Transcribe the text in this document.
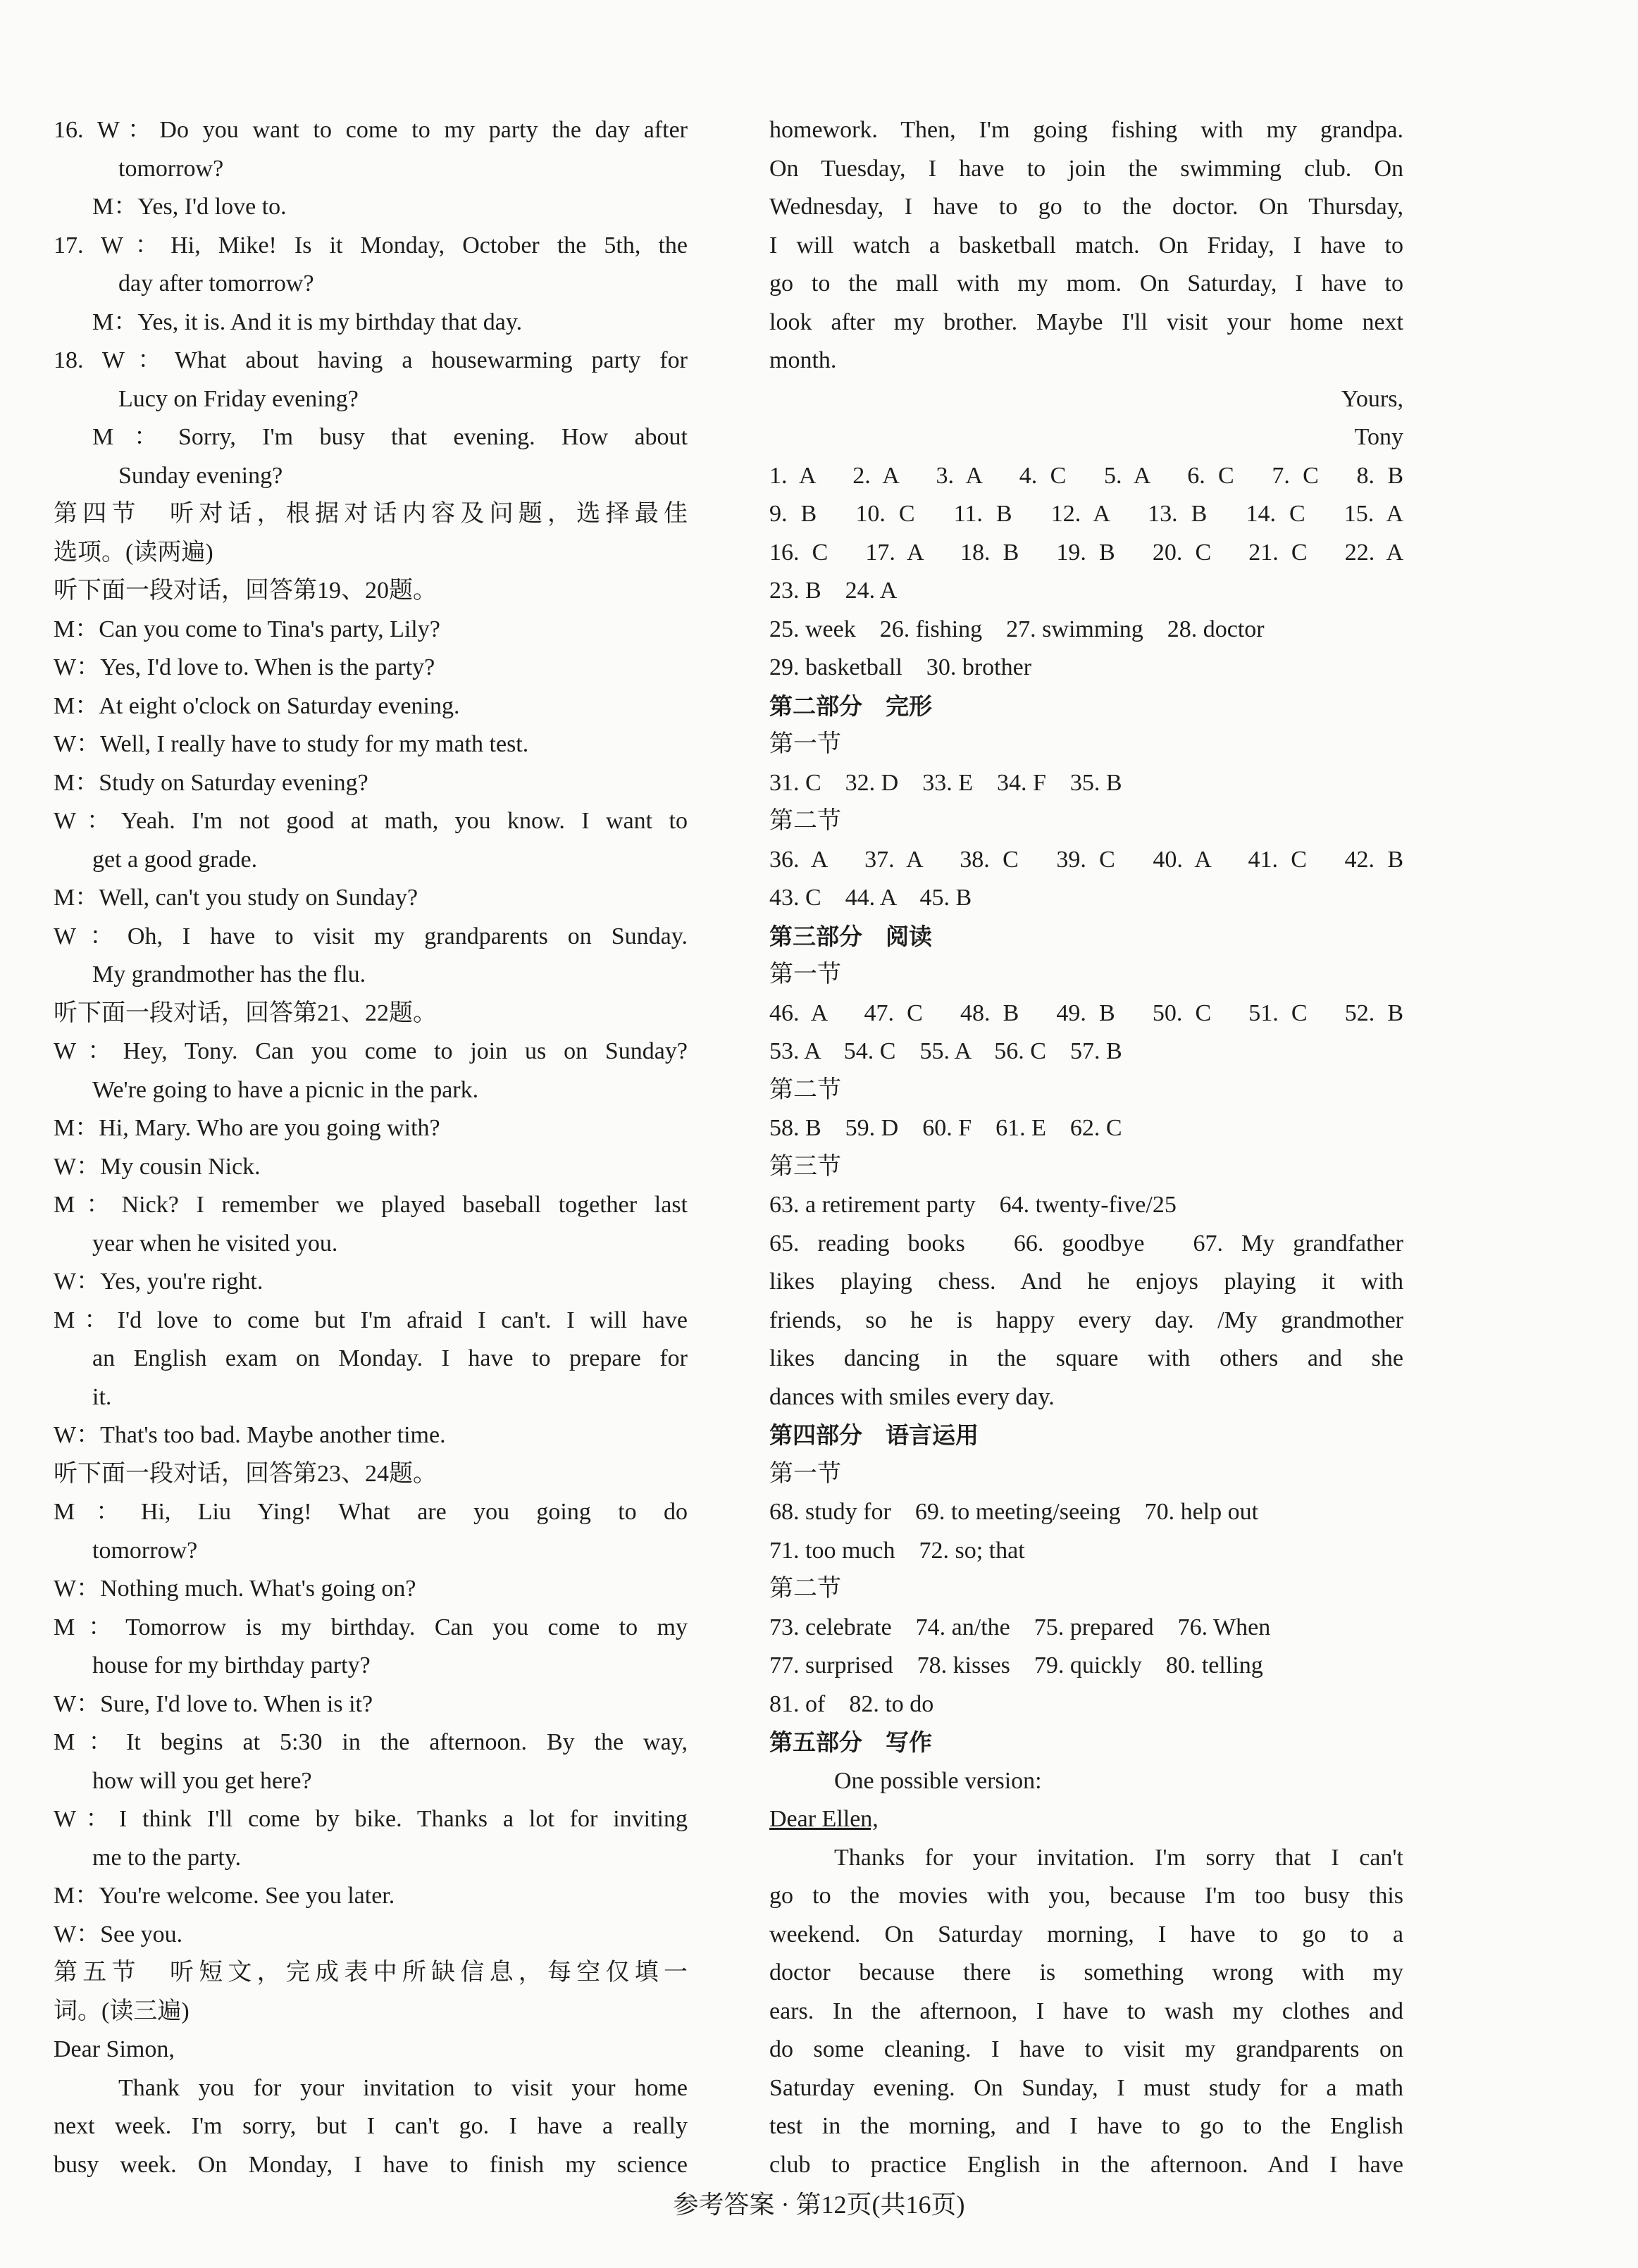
16. W：Do you want to come to my party the day after
tomorrow?
M：Yes, I'd love to.
17. W：Hi, Mike! Is it Monday, October the 5th, the
day after tomorrow?
M：Yes, it is. And it is my birthday that day.
18. W：What about having a housewarming party for
Lucy on Friday evening?
M：Sorry, I'm busy that evening. How about
Sunday evening?
第四节　听对话，根据对话内容及问题，选择最佳
选项。(读两遍)
听下面一段对话，回答第19、20题。
M：Can you come to Tina's party, Lily?
W：Yes, I'd love to. When is the party?
M：At eight o'clock on Saturday evening.
W：Well, I really have to study for my math test.
M：Study on Saturday evening?
W：Yeah. I'm not good at math, you know. I want to
get a good grade.
M：Well, can't you study on Sunday?
W：Oh, I have to visit my grandparents on Sunday.
My grandmother has the flu.
听下面一段对话，回答第21、22题。
W：Hey, Tony. Can you come to join us on Sunday?
We're going to have a picnic in the park.
M：Hi, Mary. Who are you going with?
W：My cousin Nick.
M：Nick? I remember we played baseball together last
year when he visited you.
W：Yes, you're right.
M：I'd love to come but I'm afraid I can't. I will have
an English exam on Monday. I have to prepare for
it.
W：That's too bad. Maybe another time.
听下面一段对话，回答第23、24题。
M：Hi, Liu Ying! What are you going to do
tomorrow?
W：Nothing much. What's going on?
M：Tomorrow is my birthday. Can you come to my
house for my birthday party?
W：Sure, I'd love to. When is it?
M：It begins at 5:30 in the afternoon. By the way,
how will you get here?
W：I think I'll come by bike. Thanks a lot for inviting
me to the party.
M：You're welcome. See you later.
W：See you.
第五节　听短文，完成表中所缺信息，每空仅填一
词。(读三遍)
Dear Simon,
Thank you for your invitation to visit your home
next week. I'm sorry, but I can't go. I have a really
busy week. On Monday, I have to finish my science
homework. Then, I'm going fishing with my grandpa.
On Tuesday, I have to join the swimming club. On
Wednesday, I have to go to the doctor. On Thursday,
I will watch a basketball match. On Friday, I have to
go to the mall with my mom. On Saturday, I have to
look after my brother. Maybe I'll visit your home next
month.
Yours,
Tony
1. A　2. A　3. A　4. C　5. A　6. C　7. C　8. B
9. B　10. C　11. B　12. A　13. B　14. C　15. A
16. C　17. A　18. B　19. B　20. C　21. C　22. A
23. B　24. A
25. week　26. fishing　27. swimming　28. doctor
29. basketball　30. brother
第二部分　完形
第一节
31. C　32. D　33. E　34. F　35. B
第二节
36. A　37. A　38. C　39. C　40. A　41. C　42. B
43. C　44. A　45. B
第三部分　阅读
第一节
46. A　47. C　48. B　49. B　50. C　51. C　52. B
53. A　54. C　55. A　56. C　57. B
第二节
58. B　59. D　60. F　61. E　62. C
第三节
63. a retirement party　64. twenty-five/25
65. reading books　66. goodbye　67. My grandfather
likes playing chess. And he enjoys playing it with
friends, so he is happy every day. /My grandmother
likes dancing in the square with others and she
dances with smiles every day.
第四部分　语言运用
第一节
68. study for　69. to meeting/seeing　70. help out
71. too much　72. so; that
第二节
73. celebrate　74. an/the　75. prepared　76. When
77. surprised　78. kisses　79. quickly　80. telling
81. of　82. to do
第五部分　写作
One possible version:
Dear Ellen,
Thanks for your invitation. I'm sorry that I can't
go to the movies with you, because I'm too busy this
weekend. On Saturday morning, I have to go to a
doctor because there is something wrong with my
ears. In the afternoon, I have to wash my clothes and
do some cleaning. I have to visit my grandparents on
Saturday evening. On Sunday, I must study for a math
test in the morning, and I have to go to the English
club to practice English in the afternoon. And I have
参考答案 · 第12页(共16页)
